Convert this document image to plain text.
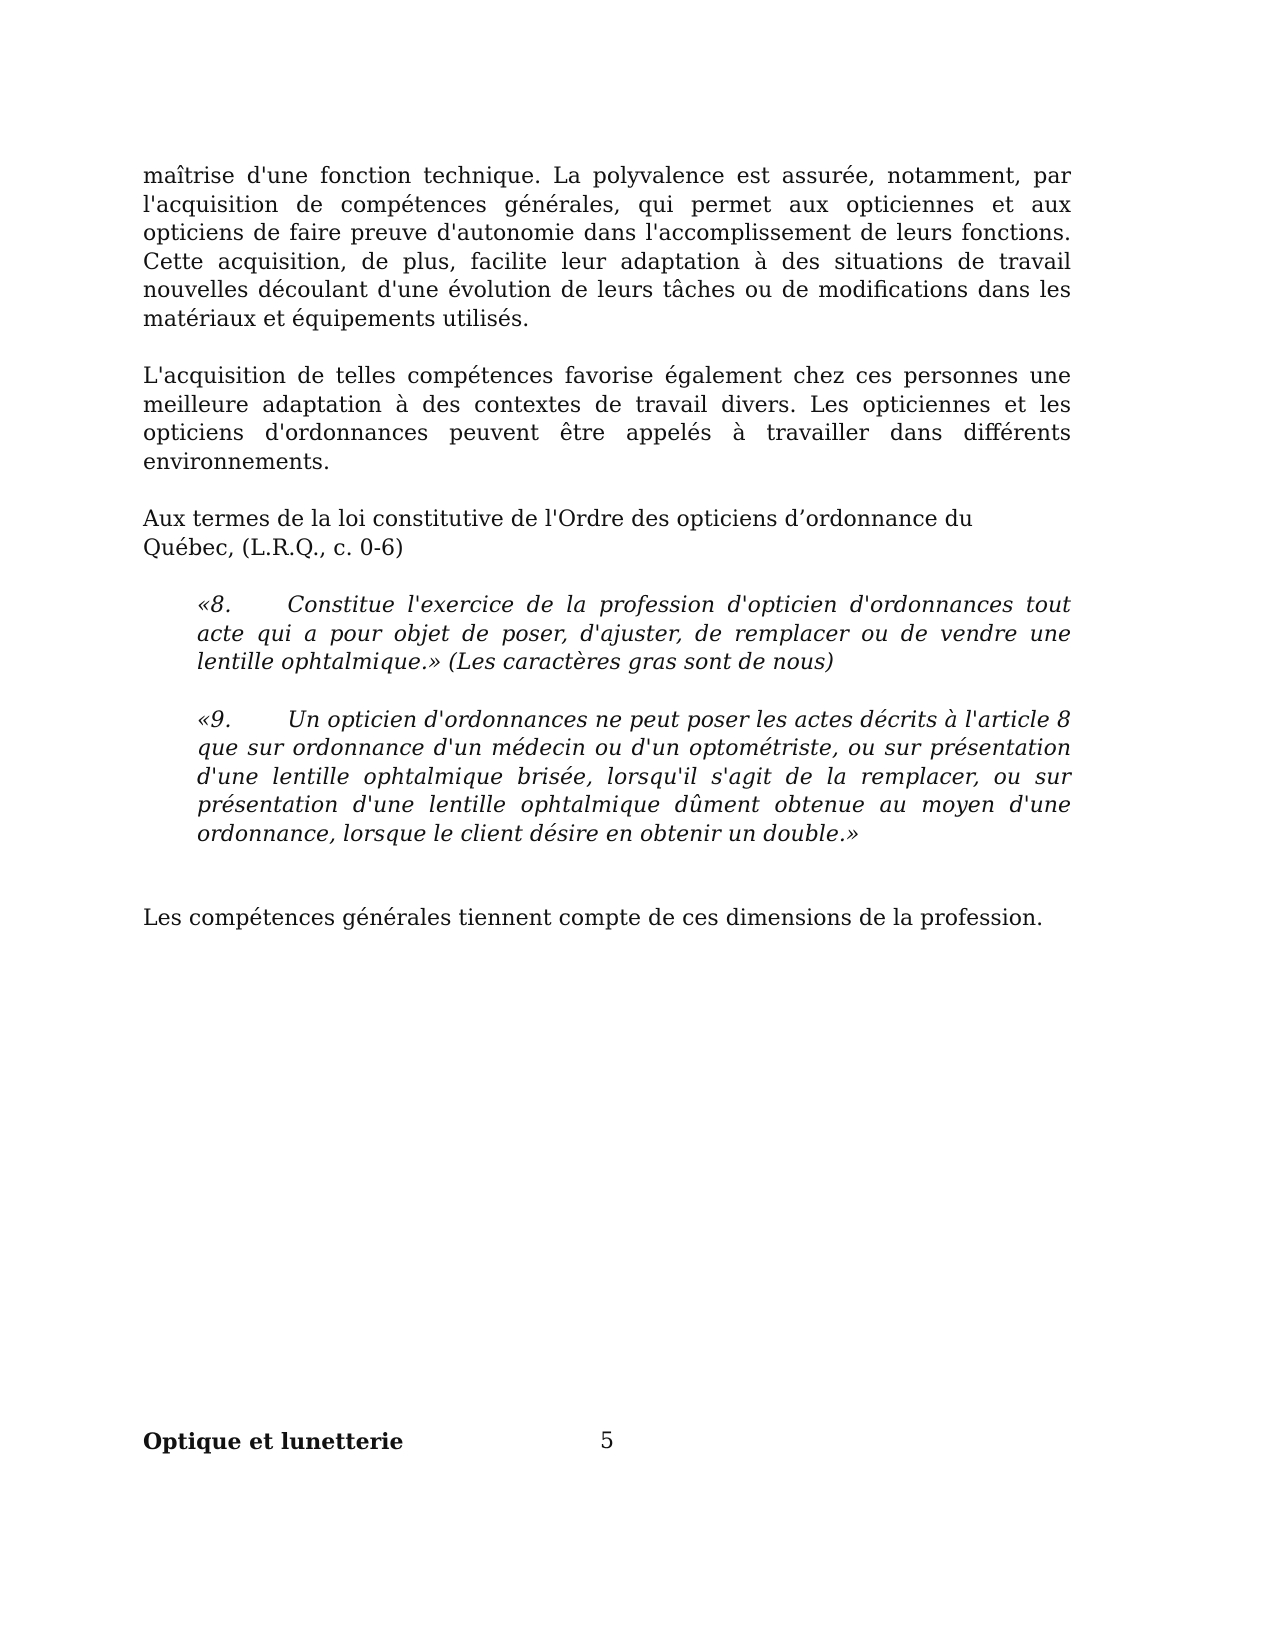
maîtrise d'une fonction technique. La polyvalence est assurée, notamment, par l'acquisition de compétences générales, qui permet aux opticiennes et aux opticiens de faire preuve d'autonomie dans l'accomplissement de leurs fonctions. Cette acquisition, de plus, facilite leur adaptation à des situations de travail nouvelles découlant d'une évolution de leurs tâches ou de modifications dans les matériaux et équipements utilisés.

L'acquisition de telles compétences favorise également chez ces personnes une meilleure adaptation à des contextes de travail divers. Les opticiennes et les opticiens d'ordonnances peuvent être appelés à travailler dans différents environnements.

Aux termes de la loi constitutive de l'Ordre des opticiens d’ordonnance du Québec, (L.R.Q., c. 0-6)

«8.	Constitue l'exercice de la profession d'opticien d'ordonnances tout acte qui a pour objet de poser, d'ajuster, de remplacer ou de vendre une lentille ophtalmique.» (Les caractères gras sont de nous)

«9.	Un opticien d'ordonnances ne peut poser les actes décrits à l'article 8 que sur ordonnance d'un médecin ou d'un optométriste, ou sur présentation d'une lentille ophtalmique brisée, lorsqu'il s'agit de la remplacer, ou sur présentation d'une lentille ophtalmique dûment obtenue au moyen d'une ordonnance, lorsque le client désire en obtenir un double.»

Les compétences générales tiennent compte de ces dimensions de la profession.

Optique et lunetterie	5
